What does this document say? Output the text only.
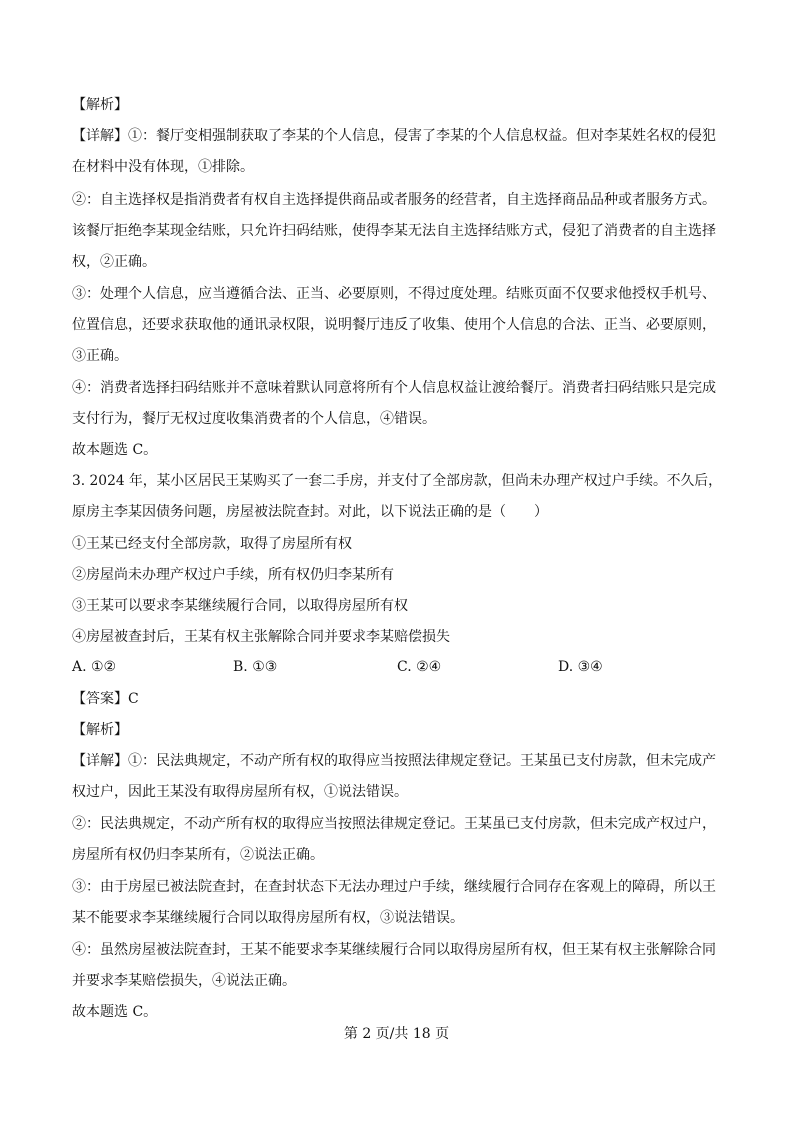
【解析】
【详解】①：餐厅变相强制获取了李某的个人信息，侵害了李某的个人信息权益。但对李某姓名权的侵犯
在材料中没有体现，①排除。
②：自主选择权是指消费者有权自主选择提供商品或者服务的经营者，自主选择商品品种或者服务方式。
该餐厅拒绝李某现金结账，只允许扫码结账，使得李某无法自主选择结账方式，侵犯了消费者的自主选择
权，②正确。
③：处理个人信息，应当遵循合法、正当、必要原则，不得过度处理。结账页面不仅要求他授权手机号、
位置信息，还要求获取他的通讯录权限，说明餐厅违反了收集、使用个人信息的合法、正当、必要原则，
③正确。
④：消费者选择扫码结账并不意味着默认同意将所有个人信息权益让渡给餐厅。消费者扫码结账只是完成
支付行为，餐厅无权过度收集消费者的个人信息，④错误。
故本题选 C。
3. 2024 年，某小区居民王某购买了一套二手房，并支付了全部房款，但尚未办理产权过户手续。不久后，
原房主李某因债务问题，房屋被法院查封。对此，以下说法正确的是（　　）
①王某已经支付全部房款，取得了房屋所有权
②房屋尚未办理产权过户手续，所有权仍归李某所有
③王某可以要求李某继续履行合同，以取得房屋所有权
④房屋被查封后，王某有权主张解除合同并要求李某赔偿损失
A. ①②	B. ①③	C. ②④	D. ③④
【答案】C
【解析】
【详解】①：民法典规定，不动产所有权的取得应当按照法律规定登记。王某虽已支付房款，但未完成产
权过户，因此王某没有取得房屋所有权，①说法错误。
②：民法典规定，不动产所有权的取得应当按照法律规定登记。王某虽已支付房款，但未完成产权过户，
房屋所有权仍归李某所有，②说法正确。
③：由于房屋已被法院查封，在查封状态下无法办理过户手续，继续履行合同存在客观上的障碍，所以王
某不能要求李某继续履行合同以取得房屋所有权，③说法错误。
④：虽然房屋被法院查封，王某不能要求李某继续履行合同以取得房屋所有权，但王某有权主张解除合同
并要求李某赔偿损失，④说法正确。
故本题选 C。
第 2 页/共 18 页
